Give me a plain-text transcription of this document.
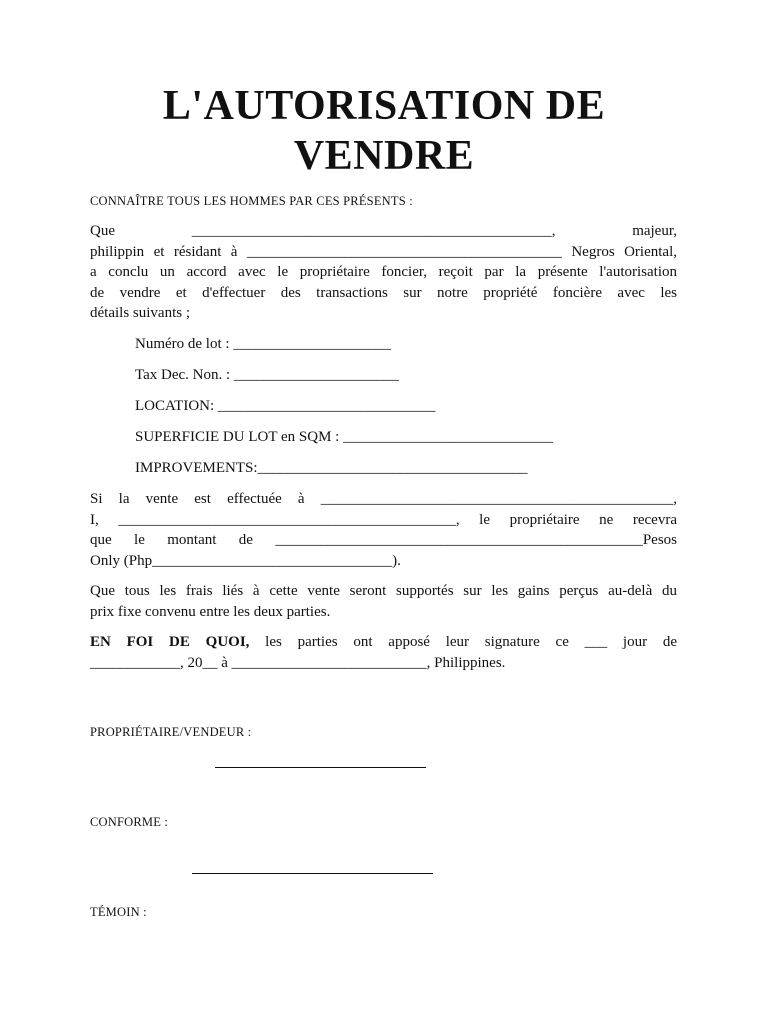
L'AUTORISATION DE
VENDRE
CONNAÎTRE TOUS LES HOMMES PAR CES PRÉSENTS :
Que ________________________________________________, majeur,
philippin et résidant à __________________________________________ Negros Oriental,
a conclu un accord avec le propriétaire foncier, reçoit par la présente l'autorisation
de vendre et d'effectuer des transactions sur notre propriété foncière avec les
détails suivants ;
Numéro de lot : _____________________
Tax Dec. Non. : ______________________
LOCATION: _____________________________
SUPERFICIE DU LOT en SQM : ____________________________
IMPROVEMENTS:____________________________________
Si la vente est effectuée à _______________________________________________,
I, _____________________________________________, le propriétaire ne recevra
que le montant de _________________________________________________Pesos
Only (Php________________________________).
Que tous les frais liés à cette vente seront supportés sur les gains perçus au-delà du
prix fixe convenu entre les deux parties.
EN FOI DE QUOI, les parties ont apposé leur signature ce ___ jour de
____________, 20__ à __________________________, Philippines.
PROPRIÉTAIRE/VENDEUR :
CONFORME :
TÉMOIN :
